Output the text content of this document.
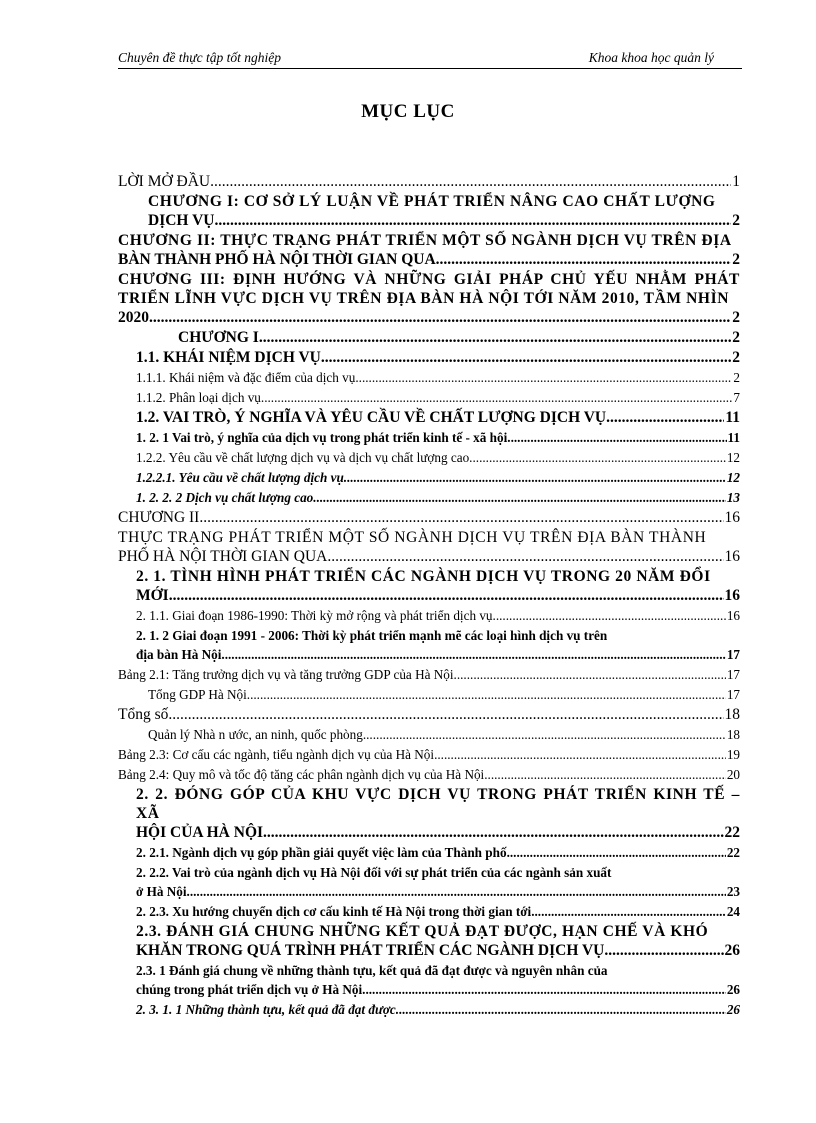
Chuyên đề thực tập tốt nghiệp	Khoa khoa học quản lý
MỤC LỤC
LỜI MỞ ĐẦU .....	1
CHƯƠNG I: CƠ SỞ LÝ LUẬN VỀ PHÁT TRIỂN NÂNG CAO CHẤT LƯỢNG
DỊCH VỤ .....	2
CHƯƠNG II: THỰC TRẠNG PHÁT TRIỂN MỘT SỐ NGÀNH DỊCH VỤ TRÊN ĐỊA
BÀN THÀNH PHỐ HÀ NỘI THỜI GIAN QUA .....	2
CHƯƠNG III: ĐỊNH HƯỚNG VÀ NHỮNG GIẢI PHÁP CHỦ YẾU NHẰM PHÁT TRIỂN LĨNH VỰC DỊCH VỤ TRÊN ĐỊA BÀN HÀ NỘI TỚI NĂM 2010, TẦM NHÌN
2020 .....	2
CHƯƠNG I .....	2
1.1. KHÁI NIỆM DỊCH VỤ .....	2
1.1.1. Khái niệm và đặc điểm của dịch vụ .....	2
1.1.2. Phân loại dịch vụ .....	7
1.2. VAI TRÒ, Ý NGHĨA VÀ YÊU CẦU VỀ CHẤT LƯỢNG DỊCH VỤ .....	11
1. 2. 1 Vai trò, ý nghĩa của dịch vụ trong phát triển kinh tế - xã hội .....	11
1.2.2. Yêu cầu về chất lượng dịch vụ và dịch vụ chất lượng cao .....	12
1.2.2.1. Yêu cầu về chất lượng dịch vụ .....	12
1. 2. 2. 2 Dịch vụ chất lượng cao .....	13
CHƯƠNG II .....	16
THỰC TRẠNG PHÁT TRIỂN MỘT SỐ NGÀNH DỊCH VỤ TRÊN ĐỊA BÀN THÀNH
PHỐ HÀ NỘI THỜI GIAN QUA .....	16
2. 1. TÌNH HÌNH PHÁT TRIỂN CÁC NGÀNH DỊCH VỤ TRONG 20 NĂM ĐỔI
MỚI .....	16
2. 1.1. Giai đoạn 1986-1990: Thời kỳ mở rộng và phát triển dịch vụ .....	16
2. 1. 2 Giai đoạn 1991 - 2006: Thời kỳ phát triển mạnh mẽ các loại hình dịch vụ trên
địa bàn Hà Nội .....	17
Bảng 2.1: Tăng trưởng dịch vụ và tăng trưởng GDP của Hà Nội .....	17
Tổng GDP Hà Nội .....	17
Tổng số .....	18
Quản lý Nhà n ước, an ninh, quốc phòng .....	18
Bảng 2.3: Cơ cấu các ngành, tiểu ngành dịch vụ của Hà Nội .....	19
Bảng 2.4: Quy mô và tốc độ tăng các phân ngành dịch vụ của Hà Nội .....	20
2. 2. ĐÓNG GÓP CỦA KHU VỰC DỊCH VỤ TRONG PHÁT TRIỂN KINH TẾ – XÃ
HỘI CỦA HÀ NỘI .....	22
2. 2.1. Ngành dịch vụ góp phần giải quyết việc làm của Thành phố .....	22
2. 2.2. Vai trò của ngành dịch vụ Hà Nội đối với sự phát triển của các ngành sản xuất
ở Hà Nội .....	23
2. 2.3. Xu hướng chuyển dịch cơ cấu kinh tế Hà Nội trong thời gian tới .....	24
2.3. ĐÁNH GIÁ CHUNG NHỮNG KẾT QUẢ ĐẠT ĐƯỢC, HẠN CHẾ VÀ KHÓ
KHĂN TRONG QUÁ TRÌNH PHÁT TRIỂN CÁC NGÀNH DỊCH VỤ .....	26
2.3. 1 Đánh giá chung về những thành tựu, kết quả đã đạt được và nguyên nhân của
chúng trong phát triển dịch vụ ở Hà Nội .....	26
2. 3. 1. 1 Những thành tựu, kết quả đã đạt được .....	26
